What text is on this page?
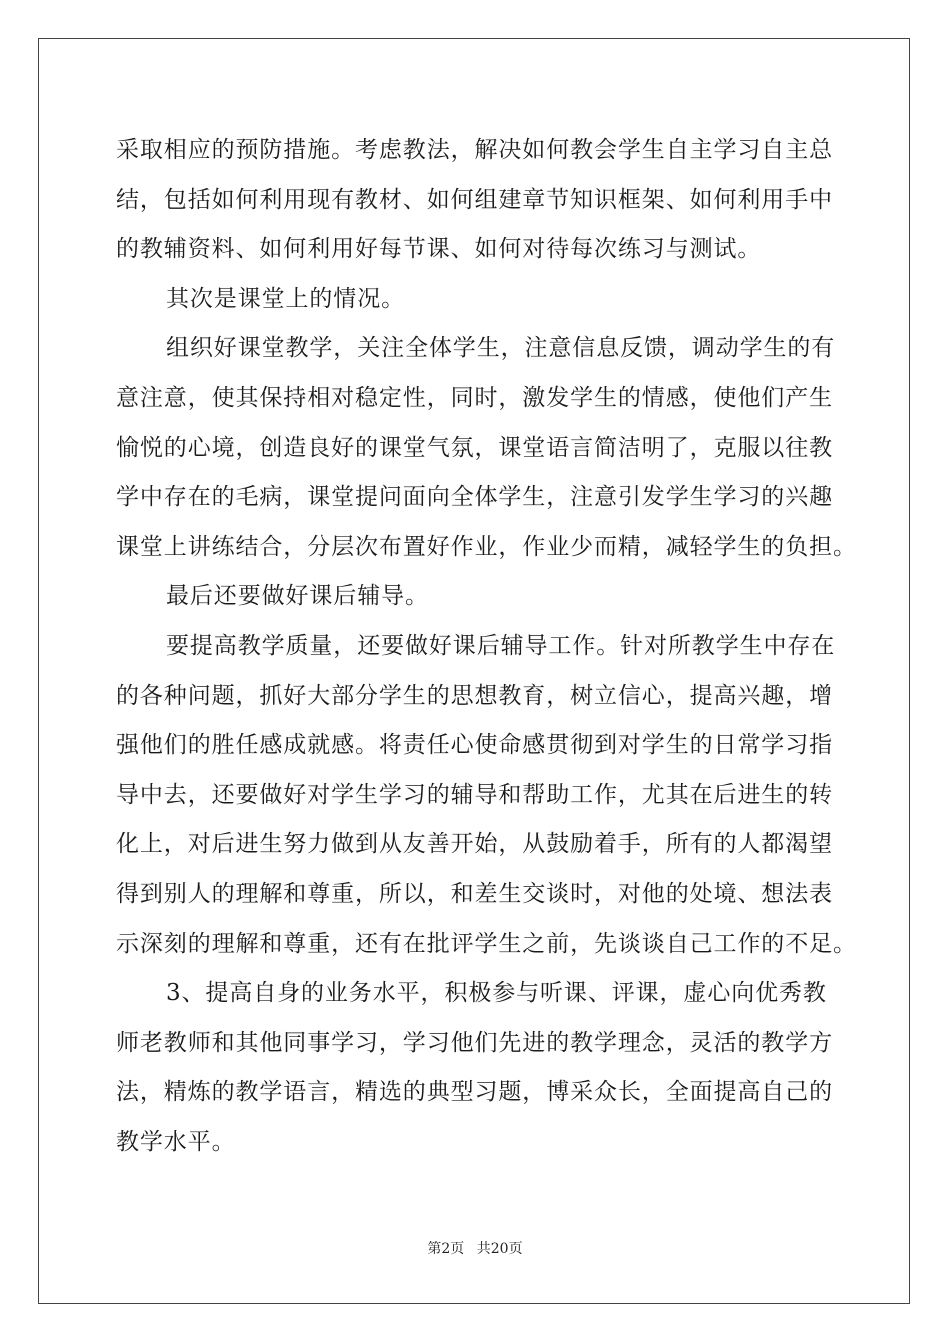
采取相应的预防措施。考虑教法，解决如何教会学生自主学习自主总
结，包括如何利用现有教材、如何组建章节知识框架、如何利用手中
的教辅资料、如何利用好每节课、如何对待每次练习与测试。
其次是课堂上的情况。
组织好课堂教学，关注全体学生，注意信息反馈，调动学生的有
意注意，使其保持相对稳定性，同时，激发学生的情感，使他们产生
愉悦的心境，创造良好的课堂气氛，课堂语言简洁明了，克服以往教
学中存在的毛病，课堂提问面向全体学生，注意引发学生学习的兴趣
课堂上讲练结合，分层次布置好作业，作业少而精，减轻学生的负担。
最后还要做好课后辅导。
要提高教学质量，还要做好课后辅导工作。针对所教学生中存在
的各种问题，抓好大部分学生的思想教育，树立信心，提高兴趣，增
强他们的胜任感成就感。将责任心使命感贯彻到对学生的日常学习指
导中去，还要做好对学生学习的辅导和帮助工作，尤其在后进生的转
化上，对后进生努力做到从友善开始，从鼓励着手，所有的人都渴望
得到别人的理解和尊重，所以，和差生交谈时，对他的处境、想法表
示深刻的理解和尊重，还有在批评学生之前，先谈谈自己工作的不足。
3、提高自身的业务水平，积极参与听课、评课，虚心向优秀教
师老教师和其他同事学习，学习他们先进的教学理念，灵活的教学方
法，精炼的教学语言，精选的典型习题，博采众长，全面提高自己的
教学水平。
第2页 共20页
